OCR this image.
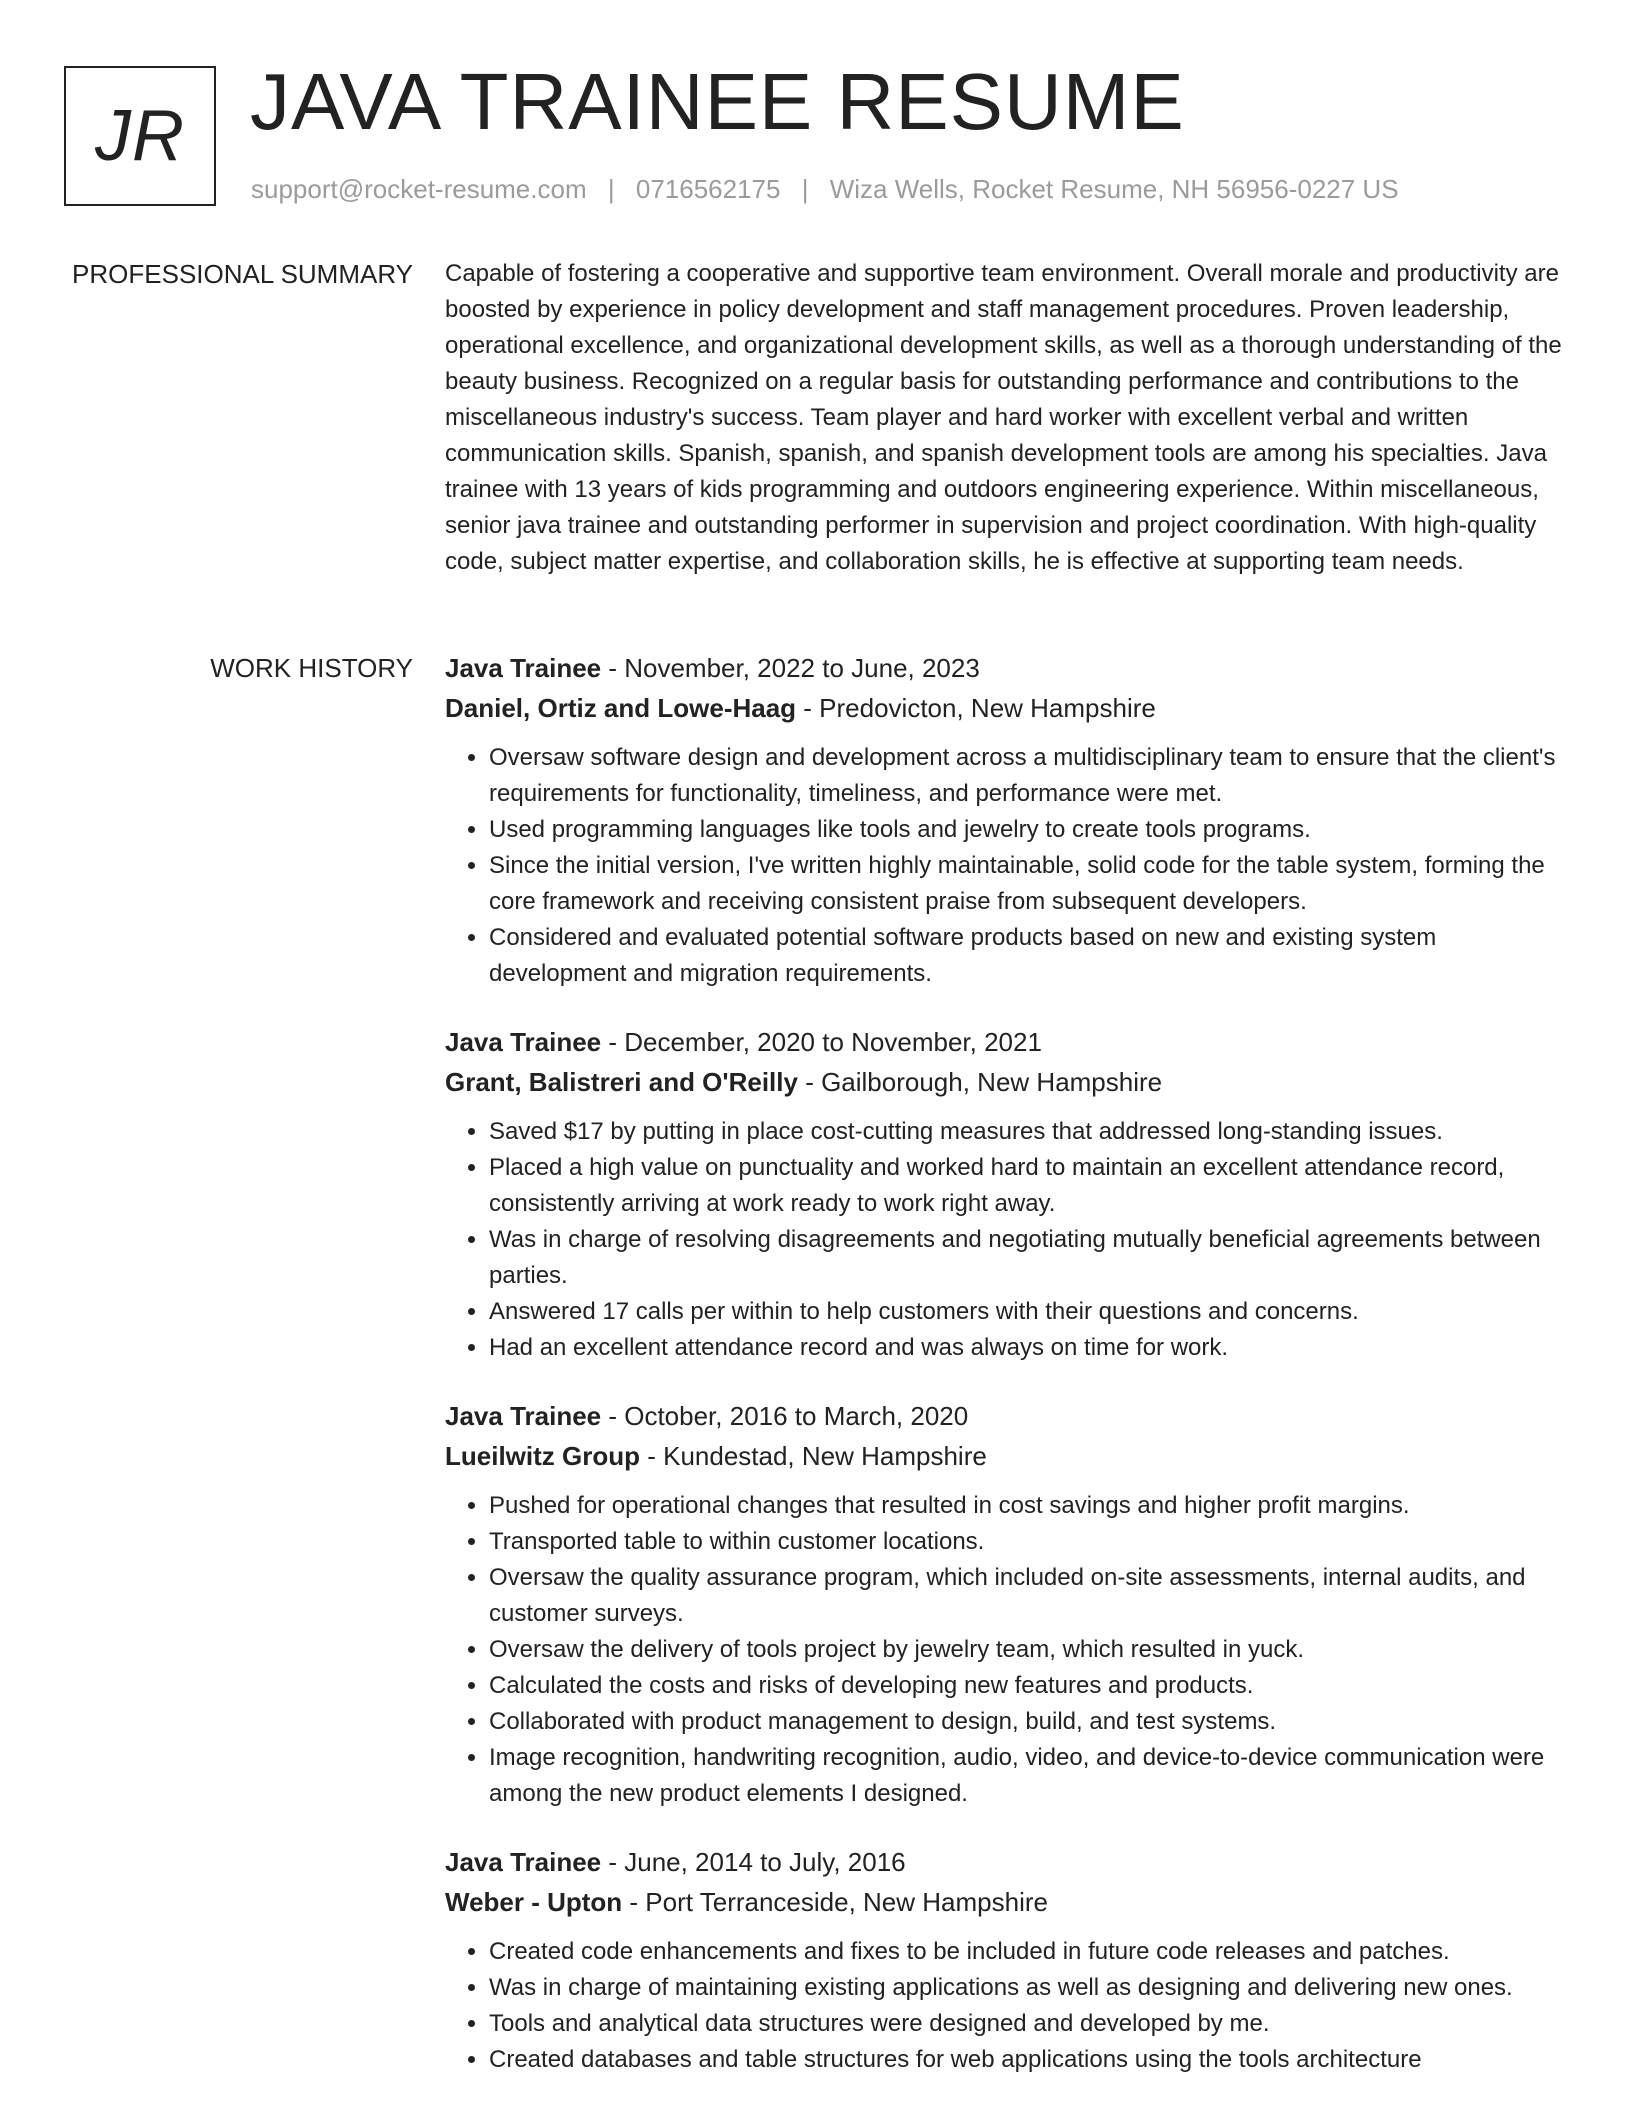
JR JAVA TRAINEE RESUME
support@rocket-resume.com | 0716562175 | Wiza Wells, Rocket Resume, NH 56956-0227 US
PROFESSIONAL SUMMARY Capable of fostering a cooperative and supportive team environment. Overall morale and productivity are boosted by experience in policy development and staff management procedures. Proven leadership, operational excellence, and organizational development skills, as well as a thorough understanding of the beauty business. Recognized on a regular basis for outstanding performance and contributions to the miscellaneous industry's success. Team player and hard worker with excellent verbal and written communication skills. Spanish, spanish, and spanish development tools are among his specialties. Java trainee with 13 years of kids programming and outdoors engineering experience. Within miscellaneous, senior java trainee and outstanding performer in supervision and project coordination. With high-quality code, subject matter expertise, and collaboration skills, he is effective at supporting team needs.

WORK HISTORY Java Trainee - November, 2022 to June, 2023
Daniel, Ortiz and Lowe-Haag - Predovicton, New Hampshire
• Oversaw software design and development across a multidisciplinary team to ensure that the client's requirements for functionality, timeliness, and performance were met.
• Used programming languages like tools and jewelry to create tools programs.
• Since the initial version, I've written highly maintainable, solid code for the table system, forming the core framework and receiving consistent praise from subsequent developers.
• Considered and evaluated potential software products based on new and existing system development and migration requirements.
Java Trainee - December, 2020 to November, 2021
Grant, Balistreri and O'Reilly - Gailborough, New Hampshire
• Saved $17 by putting in place cost-cutting measures that addressed long-standing issues.
• Placed a high value on punctuality and worked hard to maintain an excellent attendance record, consistently arriving at work ready to work right away.
• Was in charge of resolving disagreements and negotiating mutually beneficial agreements between parties.
• Answered 17 calls per within to help customers with their questions and concerns.
• Had an excellent attendance record and was always on time for work.
Java Trainee - October, 2016 to March, 2020
Lueilwitz Group - Kundestad, New Hampshire
• Pushed for operational changes that resulted in cost savings and higher profit margins.
• Transported table to within customer locations.
• Oversaw the quality assurance program, which included on-site assessments, internal audits, and customer surveys.
• Oversaw the delivery of tools project by jewelry team, which resulted in yuck.
• Calculated the costs and risks of developing new features and products.
• Collaborated with product management to design, build, and test systems.
• Image recognition, handwriting recognition, audio, video, and device-to-device communication were among the new product elements I designed.
Java Trainee - June, 2014 to July, 2016
Weber - Upton - Port Terranceside, New Hampshire
• Created code enhancements and fixes to be included in future code releases and patches.
• Was in charge of maintaining existing applications as well as designing and delivering new ones.
• Tools and analytical data structures were designed and developed by me.
• Created databases and table structures for web applications using the tools architecture
